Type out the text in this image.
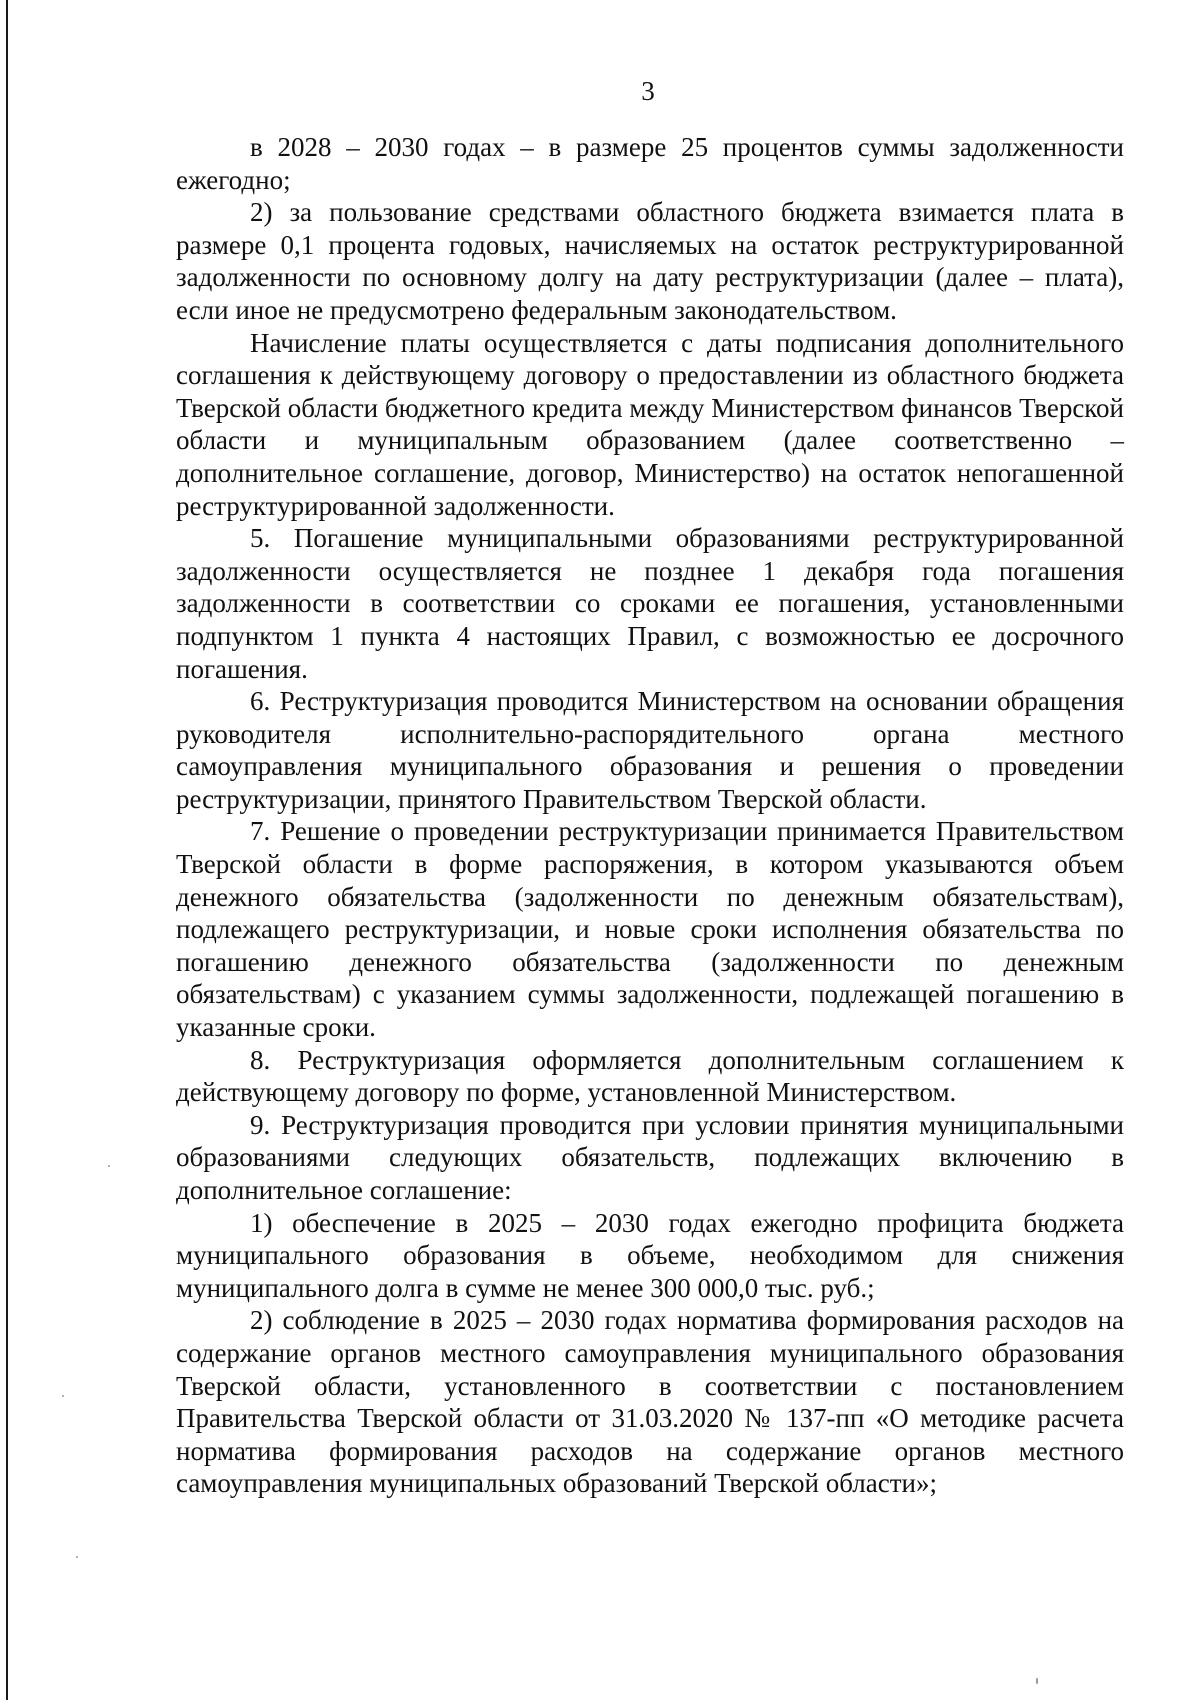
3

в 2028 – 2030 годах – в размере 25 процентов суммы задолженности ежегодно;

2) за пользование средствами областного бюджета взимается плата в размере 0,1 процента годовых, начисляемых на остаток реструктурированной задолженности по основному долгу на дату реструктуризации (далее – плата), если иное не предусмотрено федеральным законодательством.

Начисление платы осуществляется с даты подписания дополнительного соглашения к действующему договору о предоставлении из областного бюджета Тверской области бюджетного кредита между Министерством финансов Тверской области и муниципальным образованием (далее соответственно – дополнительное соглашение, договор, Министерство) на остаток непогашенной реструктурированной задолженности.

5. Погашение муниципальными образованиями реструктурированной задолженности осуществляется не позднее 1 декабря года погашения задолженности в соответствии со сроками ее погашения, установленными подпунктом 1 пункта 4 настоящих Правил, с возможностью ее досрочного погашения.

6. Реструктуризация проводится Министерством на основании обращения руководителя исполнительно-распорядительного органа местного самоуправления муниципального образования и решения о проведении реструктуризации, принятого Правительством Тверской области.

7. Решение о проведении реструктуризации принимается Правительством Тверской области в форме распоряжения, в котором указываются объем денежного обязательства (задолженности по денежным обязательствам), подлежащего реструктуризации, и новые сроки исполнения обязательства по погашению денежного обязательства (задолженности по денежным обязательствам) с указанием суммы задолженности, подлежащей погашению в указанные сроки.

8. Реструктуризация оформляется дополнительным соглашением к действующему договору по форме, установленной Министерством.

9. Реструктуризация проводится при условии принятия муниципальными образованиями следующих обязательств, подлежащих включению в дополнительное соглашение:

1) обеспечение в 2025 – 2030 годах ежегодно профицита бюджета муниципального образования в объеме, необходимом для снижения муниципального долга в сумме не менее 300 000,0 тыс. руб.;

2) соблюдение в 2025 – 2030 годах норматива формирования расходов на содержание органов местного самоуправления муниципального образования Тверской области, установленного в соответствии с постановлением Правительства Тверской области от 31.03.2020 № 137-пп «О методике расчета норматива формирования расходов на содержание органов местного самоуправления муниципальных образований Тверской области»;
